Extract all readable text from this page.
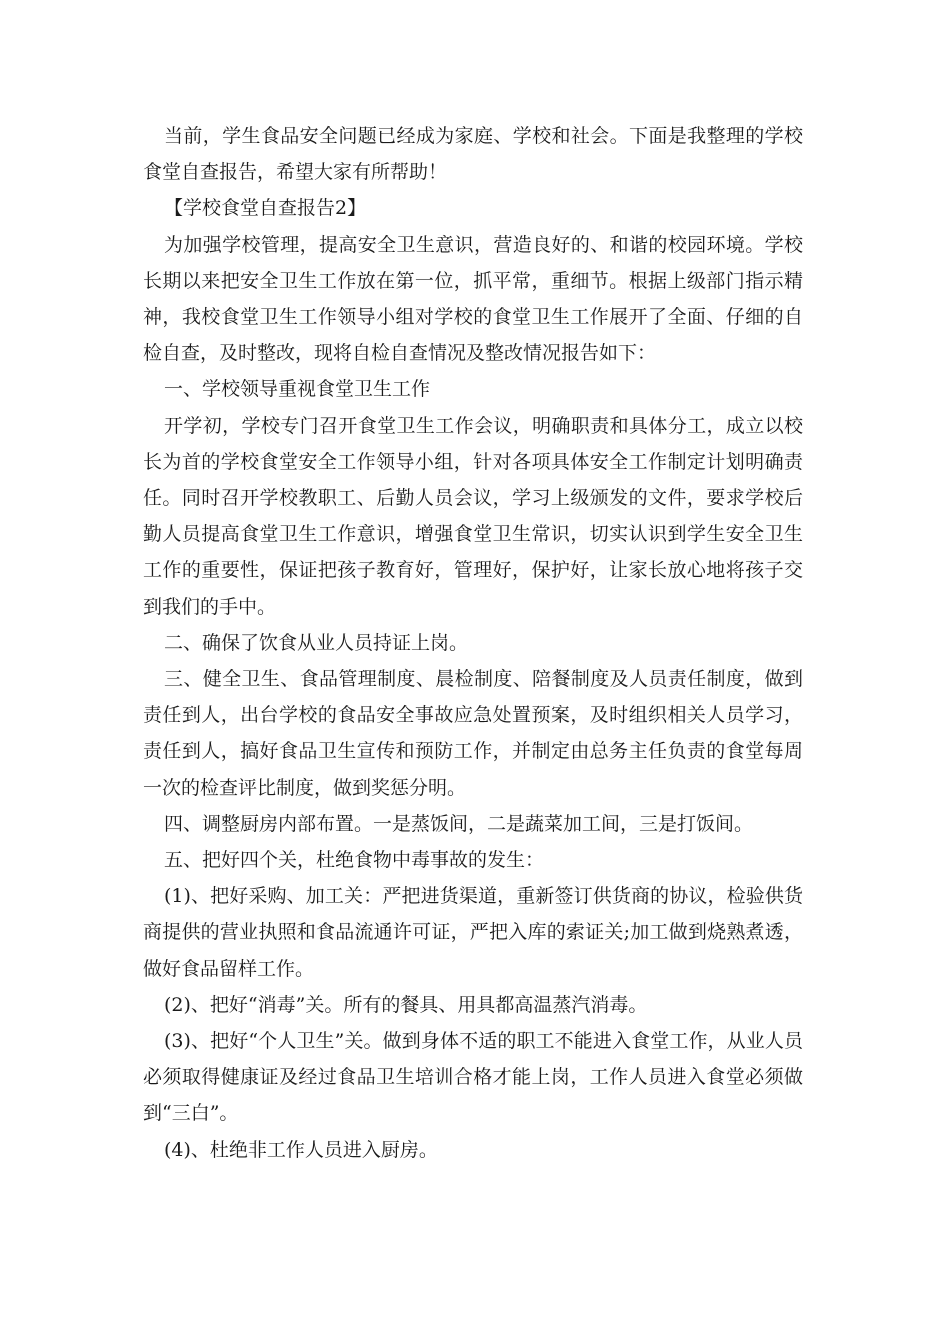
当前，学生食品安全问题已经成为家庭、学校和社会。下面是我整理的学校食堂自查报告，希望大家有所帮助！

【学校食堂自查报告2】

为加强学校管理，提高安全卫生意识，营造良好的、和谐的校园环境。学校长期以来把安全卫生工作放在第一位，抓平常，重细节。根据上级部门指示精神，我校食堂卫生工作领导小组对学校的食堂卫生工作展开了全面、仔细的自检自查，及时整改，现将自检自查情况及整改情况报告如下：

一、学校领导重视食堂卫生工作

开学初，学校专门召开食堂卫生工作会议，明确职责和具体分工，成立以校长为首的学校食堂安全工作领导小组，针对各项具体安全工作制定计划明确责任。同时召开学校教职工、后勤人员会议，学习上级颁发的文件，要求学校后勤人员提高食堂卫生工作意识，增强食堂卫生常识，切实认识到学生安全卫生工作的重要性，保证把孩子教育好，管理好，保护好，让家长放心地将孩子交到我们的手中。

二、确保了饮食从业人员持证上岗。

三、健全卫生、食品管理制度、晨检制度、陪餐制度及人员责任制度，做到责任到人，出台学校的食品安全事故应急处置预案，及时组织相关人员学习，责任到人，搞好食品卫生宣传和预防工作，并制定由总务主任负责的食堂每周一次的检查评比制度，做到奖惩分明。

四、调整厨房内部布置。一是蒸饭间，二是蔬菜加工间，三是打饭间。

五、把好四个关，杜绝食物中毒事故的发生：

(1)、把好采购、加工关：严把进货渠道，重新签订供货商的协议，检验供货商提供的营业执照和食品流通许可证，严把入库的索证关;加工做到烧熟煮透，做好食品留样工作。

(2)、把好“消毒”关。所有的餐具、用具都高温蒸汽消毒。

(3)、把好“个人卫生”关。做到身体不适的职工不能进入食堂工作，从业人员必须取得健康证及经过食品卫生培训合格才能上岗，工作人员进入食堂必须做到“三白”。

(4)、杜绝非工作人员进入厨房。
